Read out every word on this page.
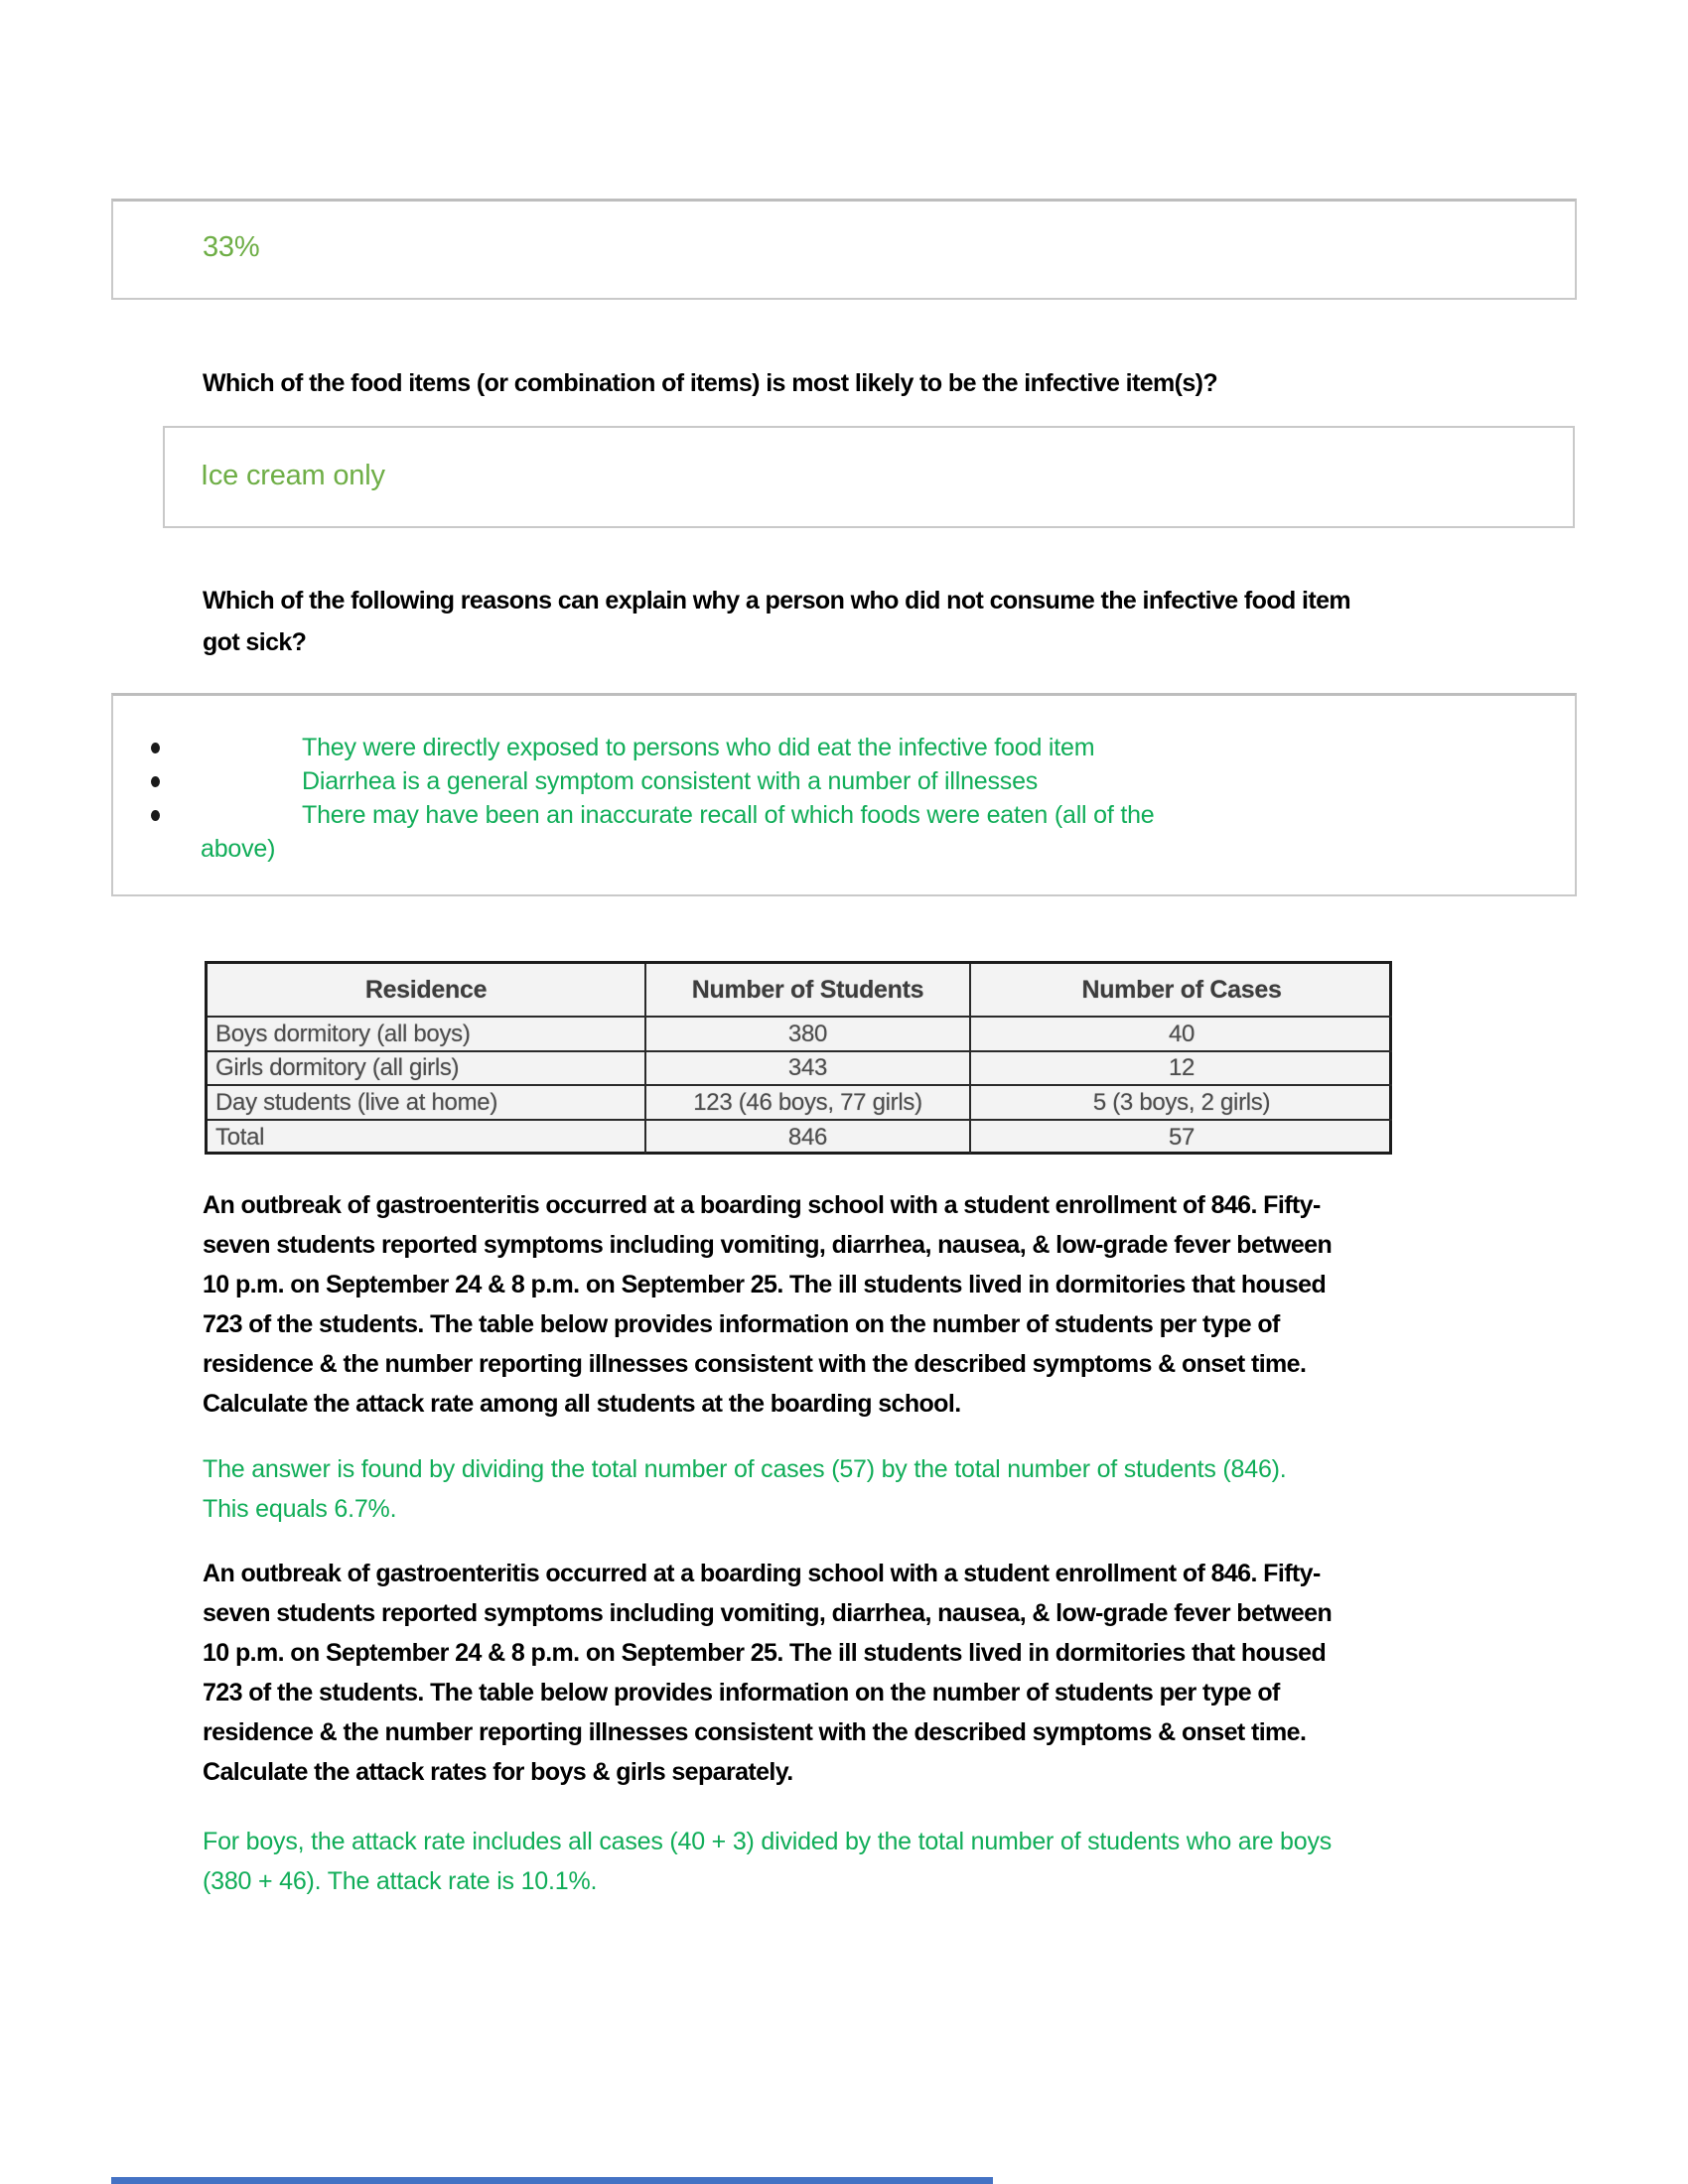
33%
Which of the food items (or combination of items) is most likely to be the infective item(s)?
Ice cream only
Which of the following reasons can explain why a person who did not consume the infective food item
got sick?
They were directly exposed to persons who did eat the infective food item
Diarrhea is a general symptom consistent with a number of illnesses
There may have been an inaccurate recall of which foods were eaten (all of the
above)
Residence	Number of Students	Number of Cases
Boys dormitory (all boys)	380	40
Girls dormitory (all girls)	343	12
Day students (live at home)	123 (46 boys, 77 girls)	5 (3 boys, 2 girls)
Total	846	57
An outbreak of gastroenteritis occurred at a boarding school with a student enrollment of 846. Fifty-
seven students reported symptoms including vomiting, diarrhea, nausea, & low-grade fever between
10 p.m. on September 24 & 8 p.m. on September 25. The ill students lived in dormitories that housed
723 of the students. The table below provides information on the number of students per type of
residence & the number reporting illnesses consistent with the described symptoms & onset time.
Calculate the attack rate among all students at the boarding school.
The answer is found by dividing the total number of cases (57) by the total number of students (846).
This equals 6.7%.
An outbreak of gastroenteritis occurred at a boarding school with a student enrollment of 846. Fifty-
seven students reported symptoms including vomiting, diarrhea, nausea, & low-grade fever between
10 p.m. on September 24 & 8 p.m. on September 25. The ill students lived in dormitories that housed
723 of the students. The table below provides information on the number of students per type of
residence & the number reporting illnesses consistent with the described symptoms & onset time.
Calculate the attack rates for boys & girls separately.
For boys, the attack rate includes all cases (40 + 3) divided by the total number of students who are boys
(380 + 46). The attack rate is 10.1%.
